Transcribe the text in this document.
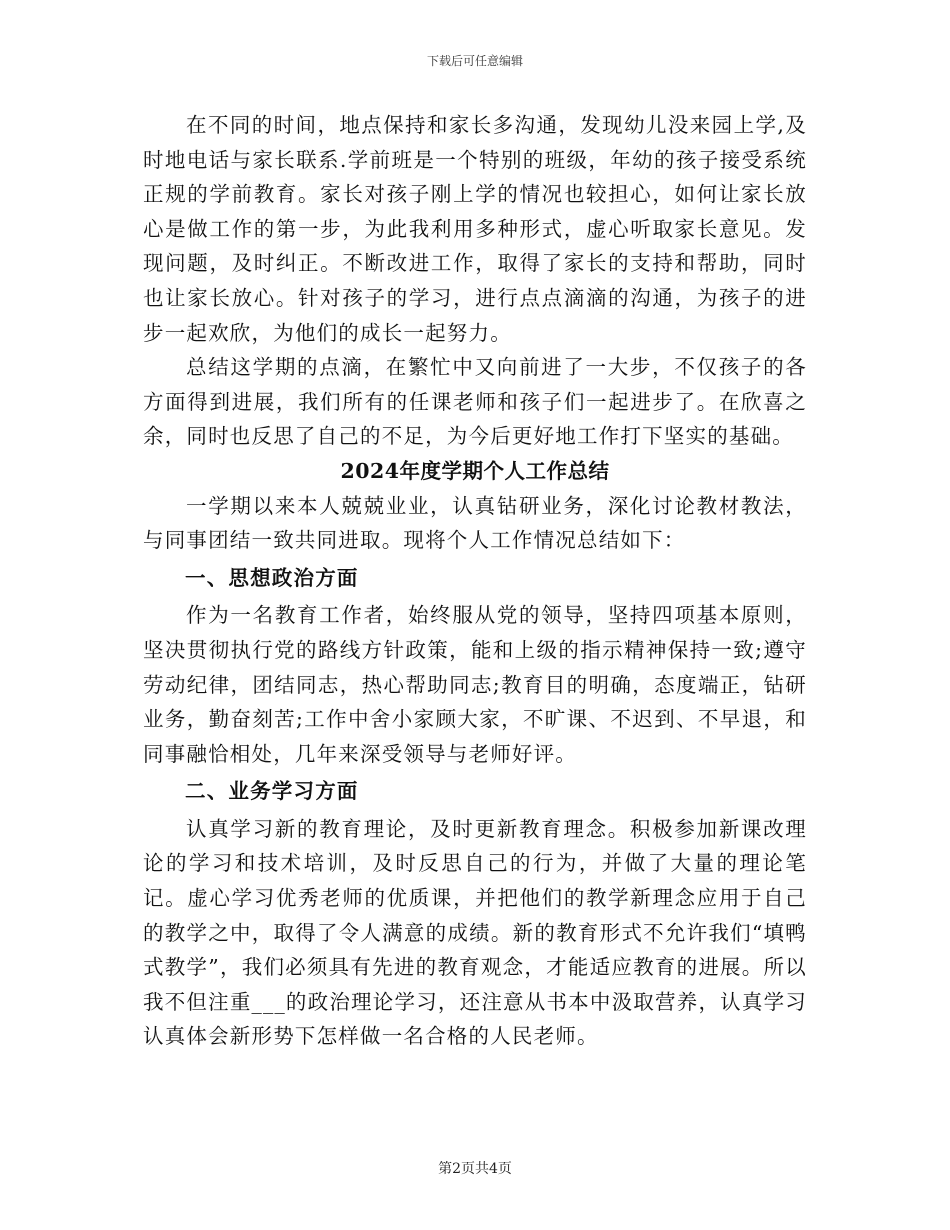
下载后可任意编辑

在不同的时间，地点保持和家长多沟通，发现幼儿没来园上学,及时地电话与家长联系.学前班是一个特别的班级，年幼的孩子接受系统正规的学前教育。家长对孩子刚上学的情况也较担心，如何让家长放心是做工作的第一步，为此我利用多种形式，虚心听取家长意见。发现问题，及时纠正。不断改进工作，取得了家长的支持和帮助，同时也让家长放心。针对孩子的学习，进行点点滴滴的沟通，为孩子的进步一起欢欣，为他们的成长一起努力。

总结这学期的点滴，在繁忙中又向前进了一大步，不仅孩子的各方面得到进展，我们所有的任课老师和孩子们一起进步了。在欣喜之余，同时也反思了自己的不足，为今后更好地工作打下坚实的基础。

2024年度学期个人工作总结

一学期以来本人兢兢业业，认真钻研业务，深化讨论教材教法，与同事团结一致共同进取。现将个人工作情况总结如下：

一、思想政治方面

作为一名教育工作者，始终服从党的领导，坚持四项基本原则，坚决贯彻执行党的路线方针政策，能和上级的指示精神保持一致;遵守劳动纪律，团结同志，热心帮助同志;教育目的明确，态度端正，钻研业务，勤奋刻苦;工作中舍小家顾大家，不旷课、不迟到、不早退，和同事融恰相处，几年来深受领导与老师好评。

二、业务学习方面

认真学习新的教育理论，及时更新教育理念。积极参加新课改理论的学习和技术培训，及时反思自己的行为，并做了大量的理论笔记。虚心学习优秀老师的优质课，并把他们的教学新理念应用于自己的教学之中，取得了令人满意的成绩。新的教育形式不允许我们“填鸭式教学”，我们必须具有先进的教育观念，才能适应教育的进展。所以我不但注重___的政治理论学习，还注意从书本中汲取营养，认真学习认真体会新形势下怎样做一名合格的人民老师。

第2页共4页
